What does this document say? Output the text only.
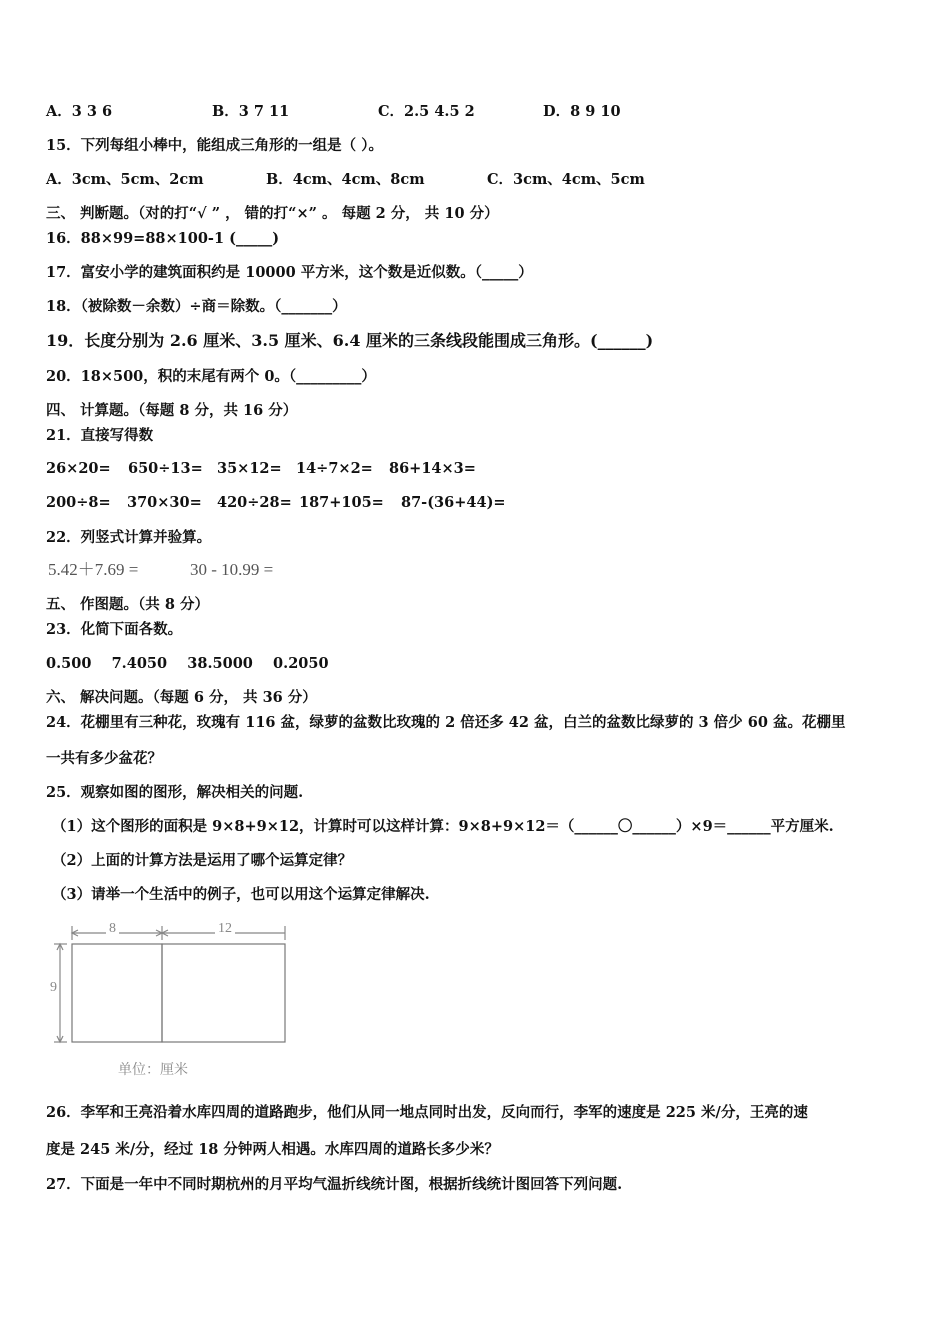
A．3 3 6	B．3 7 11	C．2.5 4.5 2	D．8 9 10
15．下列每组小棒中，能组成三角形的一组是（ ）。
A．3cm、5cm、2cm	B．4cm、4cm、8cm	C．3cm、4cm、5cm
三、 判断题。（对的打“√ ” ， 错的打“×” 。 每题 2 分， 共 10 分）
16．88×99=88×100-1 (_____)
17．富安小学的建筑面积约是 10000 平方米，这个数是近似数。（_____）
18．（被除数－余数）÷商＝除数。（_______）
19．长度分别为 2.6 厘米、3.5 厘米、6.4 厘米的三条线段能围成三角形。(______)
20．18×500，积的末尾有两个 0。（_________）
四、 计算题。（每题 8 分，共 16 分）
21．直接写得数
26×20= 650÷13= 35×12= 14÷7×2= 86+14×3=
200÷8= 370×30= 420÷28= 187+105= 87-(36+44)=
22．列竖式计算并验算。
5.42＋7.69 =	30 - 10.99 =
五、 作图题。（共 8 分）
23．化简下面各数。
0.500    7.4050    38.5000    0.2050
六、 解决问题。（每题 6 分， 共 36 分）
24．花棚里有三种花，玫瑰有 116 盆，绿萝的盆数比玫瑰的 2 倍还多 42 盆，白兰的盆数比绿萝的 3 倍少 60 盆。花棚里
一共有多少盆花？
25．观察如图的图形，解决相关的问题.
（1）这个图形的面积是 9×8+9×12，计算时可以这样计算：9×8+9×12＝（______〇______）×9＝______平方厘米.
（2）上面的计算方法是运用了哪个运算定律？
（3）请举一个生活中的例子，也可以用这个运算定律解决.
8	12
9
单位：厘米
26．李军和王亮沿着水库四周的道路跑步，他们从同一地点同时出发，反向而行，李军的速度是 225 米/分，王亮的速
度是 245 米/分，经过 18 分钟两人相遇。水库四周的道路长多少米？
27．下面是一年中不同时期杭州的月平均气温折线统计图，根据折线统计图回答下列问题.
